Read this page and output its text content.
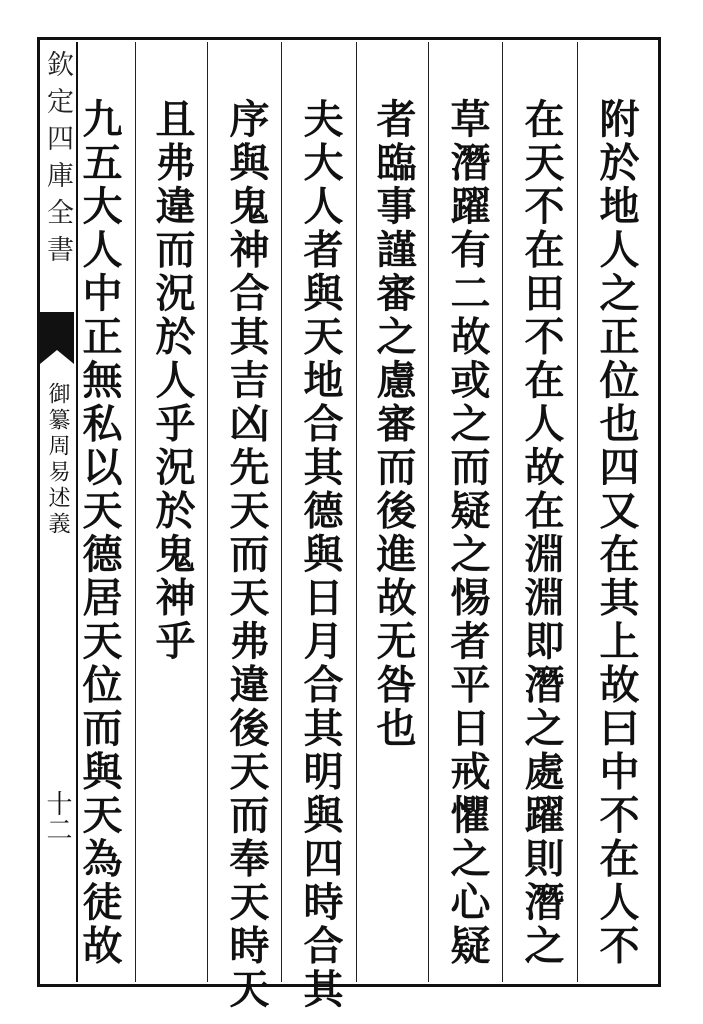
欽定四庫全書
御纂周易述義
十二	附於地人之正位也四又在其上故曰中不在人不
在天不在田不在人故在淵淵即潛之處躍則潛之
草潛躍有二故或之而疑之惕者平日戒懼之心疑
者臨事謹審之慮審而後進故无咎也
夫大人者與天地合其德與日月合其明與四時合其
序與鬼神合其吉凶先天而天弗違後天而奉天時天
且弗違而況於人乎況於鬼神乎
九五大人中正無私以天德居天位而與天為徒故
